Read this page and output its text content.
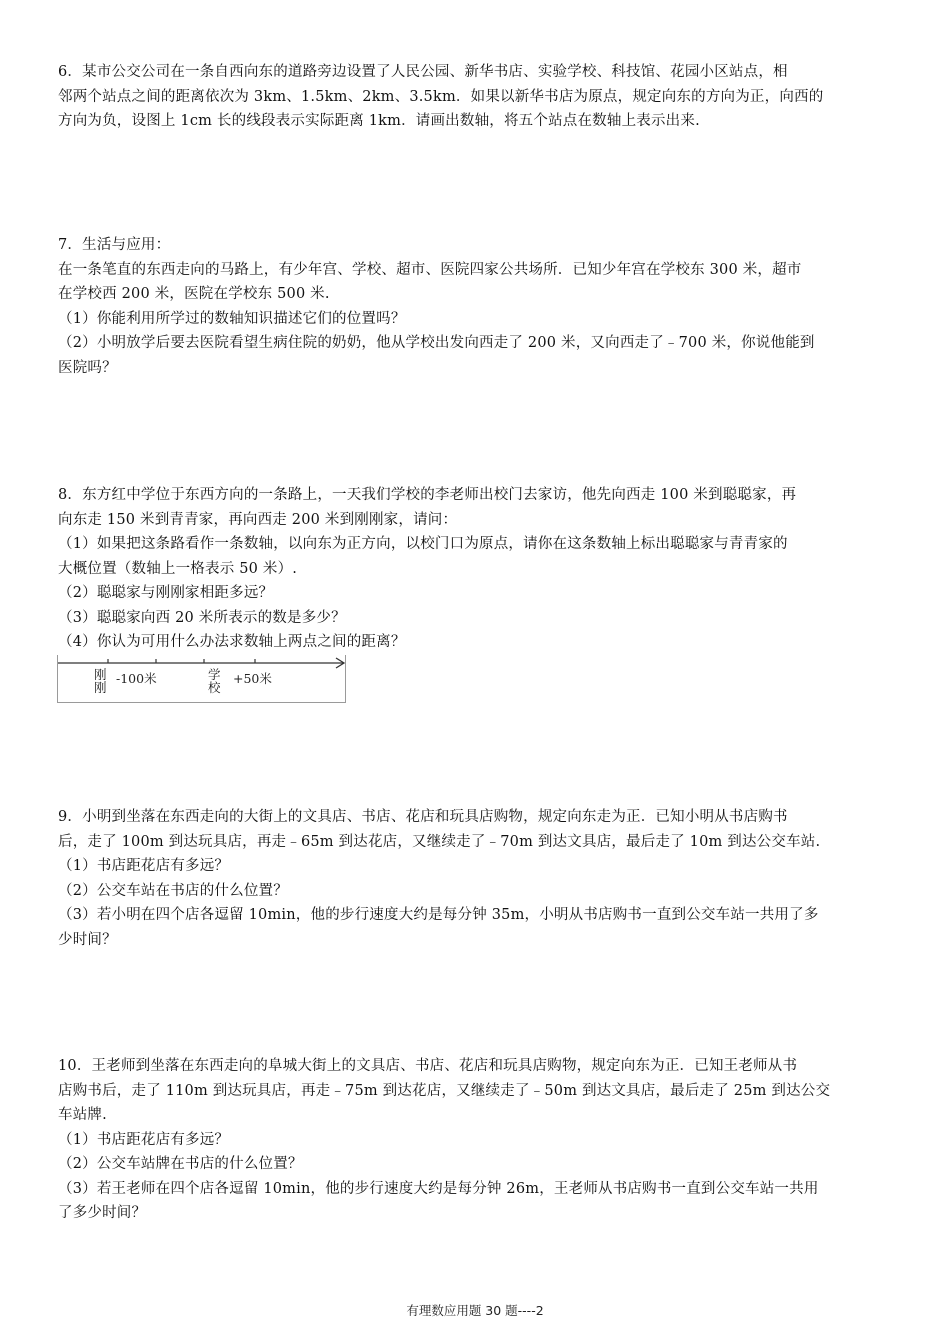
6．某市公交公司在一条自西向东的道路旁边设置了人民公园、新华书店、实验学校、科技馆、花园小区站点，相
邻两个站点之间的距离依次为 3km、1.5km、2km、3.5km．如果以新华书店为原点，规定向东的方向为正，向西的
方向为负，设图上 1cm 长的线段表示实际距离 1km．请画出数轴，将五个站点在数轴上表示出来.
7．生活与应用：
在一条笔直的东西走向的马路上，有少年宫、学校、超市、医院四家公共场所．已知少年宫在学校东 300 米，超市
在学校西 200 米，医院在学校东 500 米.
（1）你能利用所学过的数轴知识描述它们的位置吗？
（2）小明放学后要去医院看望生病住院的奶奶，他从学校出发向西走了 200 米，又向西走了﹣700 米，你说他能到
医院吗？
8．东方红中学位于东西方向的一条路上，一天我们学校的李老师出校门去家访，他先向西走 100 米到聪聪家，再
向东走 150 米到青青家，再向西走 200 米到刚刚家，请问：
（1）如果把这条路看作一条数轴，以向东为正方向，以校门口为原点，请你在这条数轴上标出聪聪家与青青家的
大概位置（数轴上一格表示 50 米）.
（2）聪聪家与刚刚家相距多远？
（3）聪聪家向西 20 米所表示的数是多少？
（4）你认为可用什么办法求数轴上两点之间的距离？
刚刚
-100米	学校
+50米
9．小明到坐落在东西走向的大街上的文具店、书店、花店和玩具店购物，规定向东走为正．已知小明从书店购书
后，走了 100m 到达玩具店，再走﹣65m 到达花店，又继续走了﹣70m 到达文具店，最后走了 10m 到达公交车站.
（1）书店距花店有多远？
（2）公交车站在书店的什么位置？
（3）若小明在四个店各逗留 10min，他的步行速度大约是每分钟 35m，小明从书店购书一直到公交车站一共用了多
少时间？
10．王老师到坐落在东西走向的阜城大街上的文具店、书店、花店和玩具店购物，规定向东为正．已知王老师从书
店购书后，走了 110m 到达玩具店，再走﹣75m 到达花店，又继续走了﹣50m 到达文具店，最后走了 25m 到达公交
车站牌.
（1）书店距花店有多远？
（2）公交车站牌在书店的什么位置？
（3）若王老师在四个店各逗留 10min，他的步行速度大约是每分钟 26m，王老师从书店购书一直到公交车站一共用
了多少时间？
有理数应用题 30 题----2
